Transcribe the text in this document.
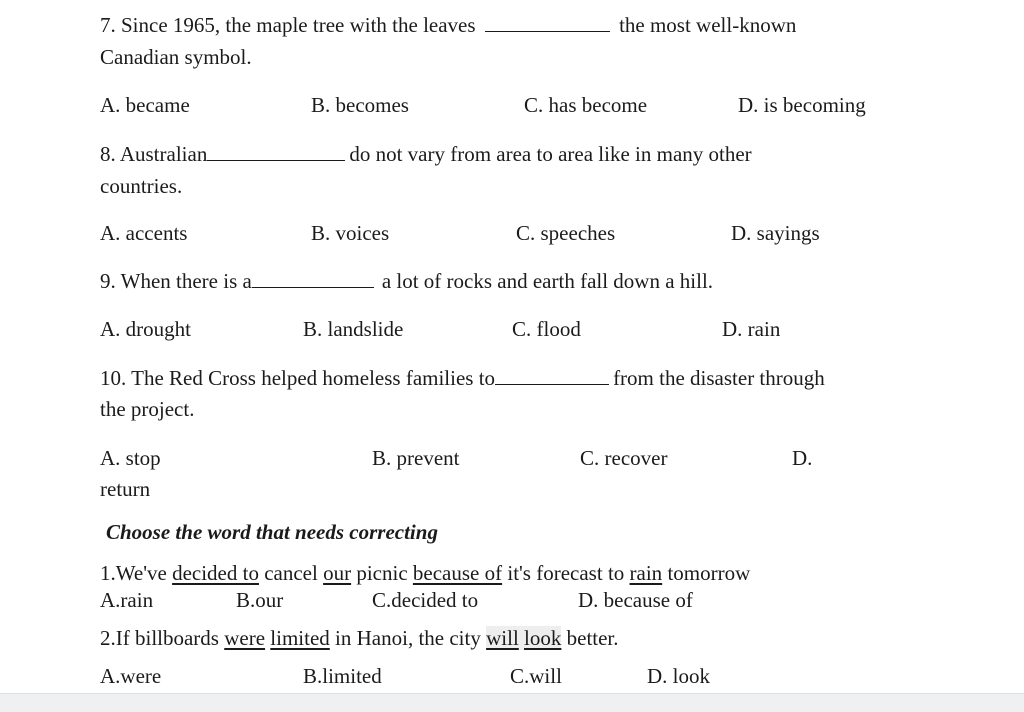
7. Since 1965, the maple tree with the leaves	the most well-known
Canadian symbol.
A. became	B. becomes	C. has become	D. is becoming
8. Australian	do not vary from area to area like in many other
countries.
A. accents	B. voices	C. speeches	D. sayings
9. When there is a	a lot of rocks and earth fall down a hill.
A. drought	B. landslide	C. flood	D. rain
10. The Red Cross helped homeless families to	from the disaster through
the project.
A. stop	B. prevent	C. recover	D.
return
Choose the word that needs correcting
1.We've decided to cancel our picnic because of it's forecast to rain tomorrow
A.rain	B.our	C.decided to	D. because of
2.If billboards were limited in Hanoi, the city will look better.
A.were	B.limited	C.will	D. look
